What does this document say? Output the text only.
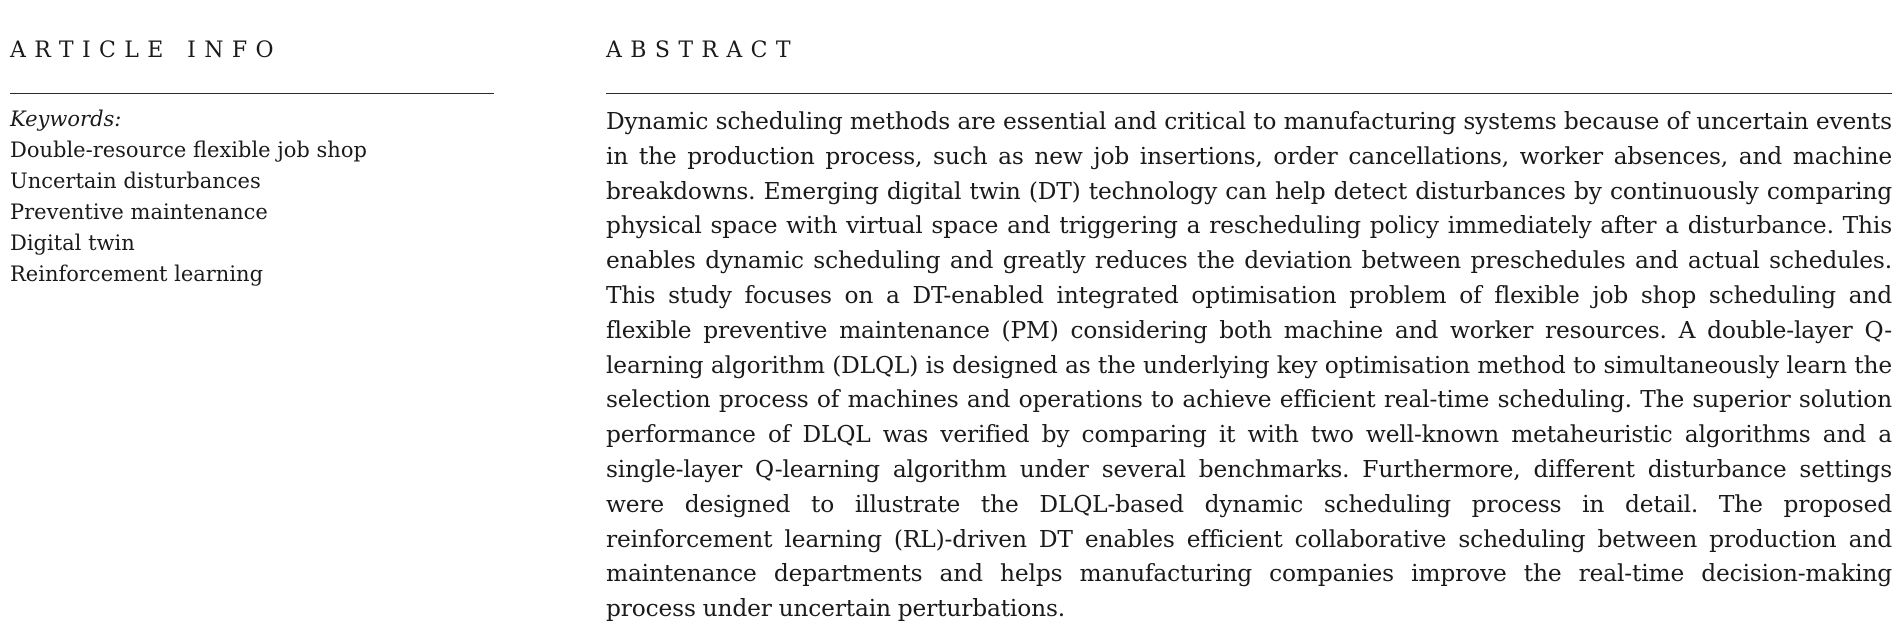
ARTICLE INFO
Keywords:
Double-resource flexible job shop
Uncertain disturbances
Preventive maintenance
Digital twin
Reinforcement learning
ABSTRACT

Dynamic scheduling methods are essential and critical to manufacturing systems because of uncertain events in the production process, such as new job insertions, order cancellations, worker absences, and machine breakdowns. Emerging digital twin (DT) technology can help detect disturbances by continuously comparing physical space with virtual space and triggering a rescheduling policy immediately after a disturbance. This enables dynamic scheduling and greatly reduces the deviation between preschedules and actual schedules. This study focuses on a DT-enabled integrated optimisation problem of flexible job shop scheduling and flexible preventive maintenance (PM) considering both machine and worker resources. A double-layer Q-learning algorithm (DLQL) is designed as the underlying key optimisation method to simultaneously learn the selection process of machines and operations to achieve efficient real-time scheduling. The superior solution performance of DLQL was verified by comparing it with two well-known metaheuristic algorithms and a single-layer Q-learning algorithm under several benchmarks. Furthermore, different disturbance settings were designed to illustrate the DLQL-based dynamic scheduling process in detail. The proposed reinforcement learning (RL)-driven DT enables efficient collaborative scheduling between production and maintenance departments and helps manufacturing companies improve the real-time decision-making process under uncertain perturbations.
